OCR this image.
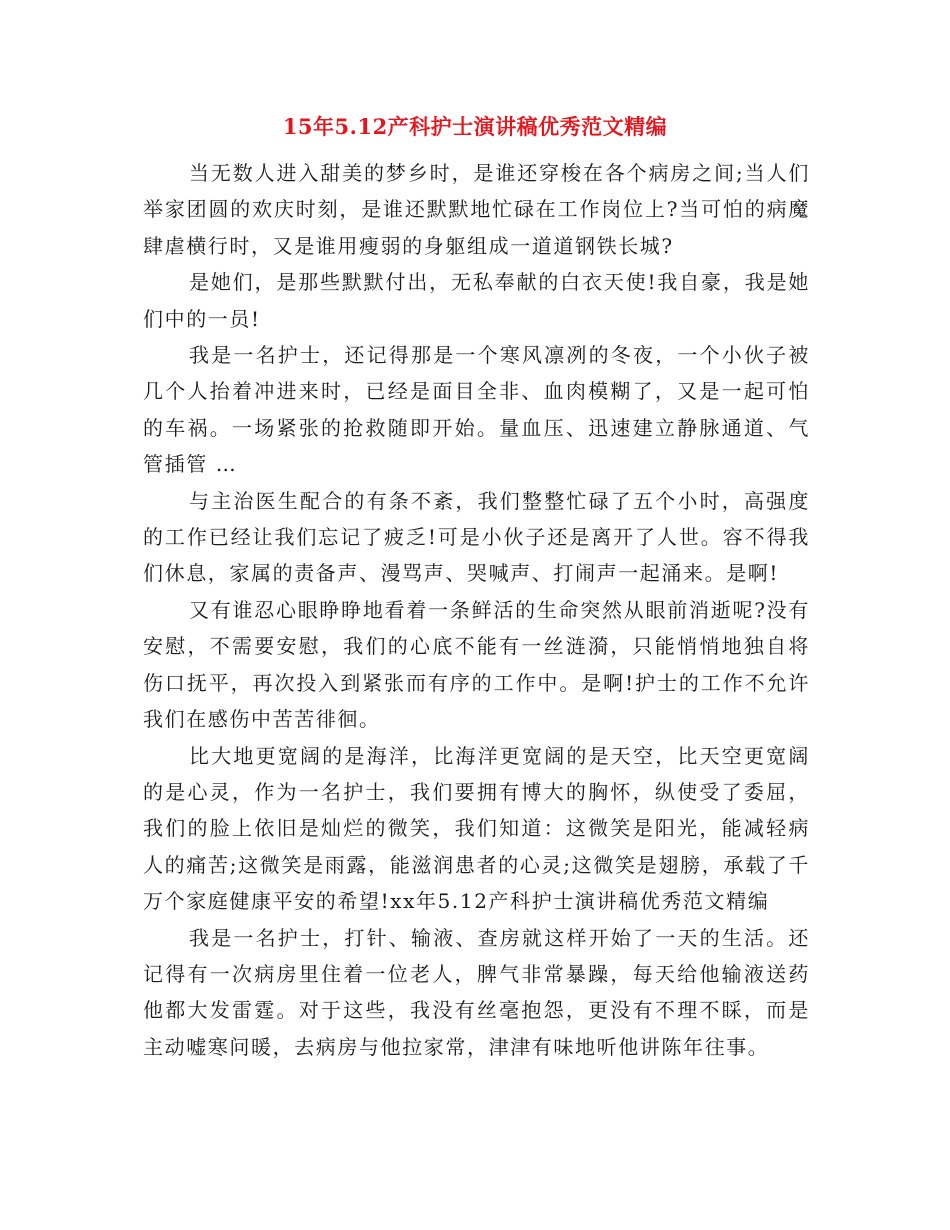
15年5.12产科护士演讲稿优秀范文精编

当无数人进入甜美的梦乡时，是谁还穿梭在各个病房之间;当人们举家团圆的欢庆时刻，是谁还默默地忙碌在工作岗位上?当可怕的病魔肆虐横行时，又是谁用瘦弱的身躯组成一道道钢铁长城?

是她们，是那些默默付出，无私奉献的白衣天使!我自豪，我是她们中的一员!

我是一名护士，还记得那是一个寒风凛冽的冬夜，一个小伙子被几个人抬着冲进来时，已经是面目全非、血肉模糊了，又是一起可怕的车祸。一场紧张的抢救随即开始。量血压、迅速建立静脉通道、气管插管 …

与主治医生配合的有条不紊，我们整整忙碌了五个小时，高强度的工作已经让我们忘记了疲乏!可是小伙子还是离开了人世。容不得我们休息，家属的责备声、漫骂声、哭喊声、打闹声一起涌来。是啊!

又有谁忍心眼睁睁地看着一条鲜活的生命突然从眼前消逝呢?没有安慰，不需要安慰，我们的心底不能有一丝涟漪，只能悄悄地独自将伤口抚平，再次投入到紧张而有序的工作中。是啊!护士的工作不允许我们在感伤中苦苦徘徊。

比大地更宽阔的是海洋，比海洋更宽阔的是天空，比天空更宽阔的是心灵，作为一名护士，我们要拥有博大的胸怀，纵使受了委屈，我们的脸上依旧是灿烂的微笑，我们知道：这微笑是阳光，能减轻病人的痛苦;这微笑是雨露，能滋润患者的心灵;这微笑是翅膀，承载了千万个家庭健康平安的希望!xx年5.12产科护士演讲稿优秀范文精编

我是一名护士，打针、输液、查房就这样开始了一天的生活。还记得有一次病房里住着一位老人，脾气非常暴躁，每天给他输液送药他都大发雷霆。对于这些，我没有丝毫抱怨，更没有不理不睬，而是主动嘘寒问暖，去病房与他拉家常，津津有味地听他讲陈年往事。
